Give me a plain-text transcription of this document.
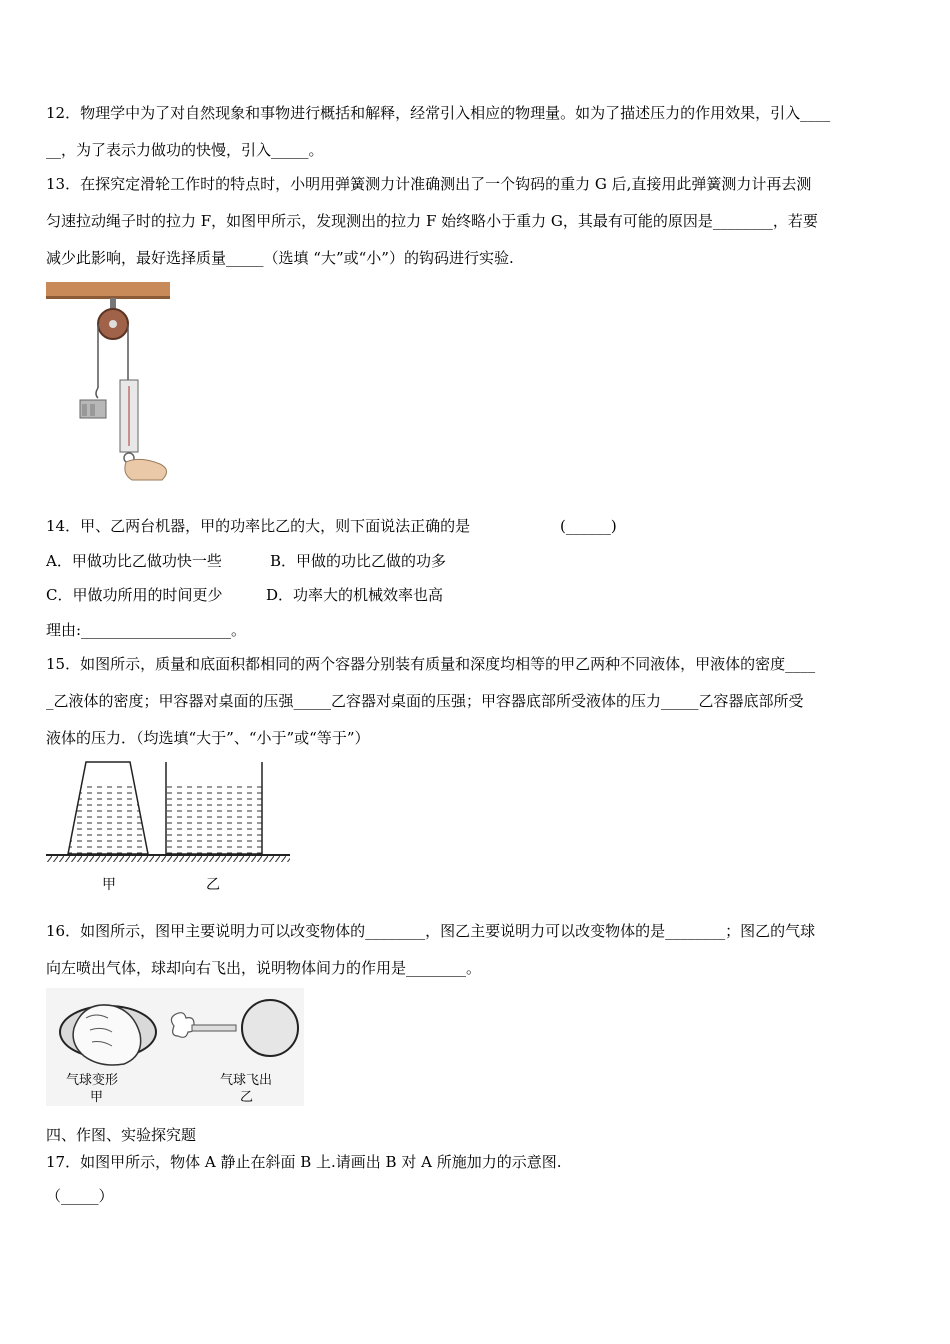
12．物理学中为了对自然现象和事物进行概括和解释，经常引入相应的物理量。如为了描述压力的作用效果，引入____
__，为了表示力做功的快慢，引入_____。
13．在探究定滑轮工作时的特点时，小明用弹簧测力计准确测出了一个钩码的重力 G 后,直接用此弹簧测力计再去测
匀速拉动绳子时的拉力 F，如图甲所示，发现测出的拉力 F 始终略小于重力 G，其最有可能的原因是________，若要
减少此影响，最好选择质量_____（选填 “大”或“小”）的钩码进行实验.
14．甲、乙两台机器，甲的功率比乙的大，则下面说法正确的是	(______)
A．甲做功比乙做功快一些	B．甲做的功比乙做的功多
C．甲做功所用的时间更少	D．功率大的机械效率也高
理由:____________________。
15．如图所示，质量和底面积都相同的两个容器分别装有质量和深度均相等的甲乙两种不同液体，甲液体的密度____
_乙液体的密度；甲容器对桌面的压强_____乙容器对桌面的压强；甲容器底部所受液体的压力_____乙容器底部所受
液体的压力．（均选填“大于”、“小于”或“等于”）
甲	乙
16．如图所示，图甲主要说明力可以改变物体的________，图乙主要说明力可以改变物体的是________；图乙的气球
向左喷出气体，球却向右飞出，说明物体间力的作用是________。
气球变形
甲
气球飞出
乙
四、作图、实验探究题
17．如图甲所示，物体 A 静止在斜面 B 上.请画出 B 对 A 所施加力的示意图.
（_____）
